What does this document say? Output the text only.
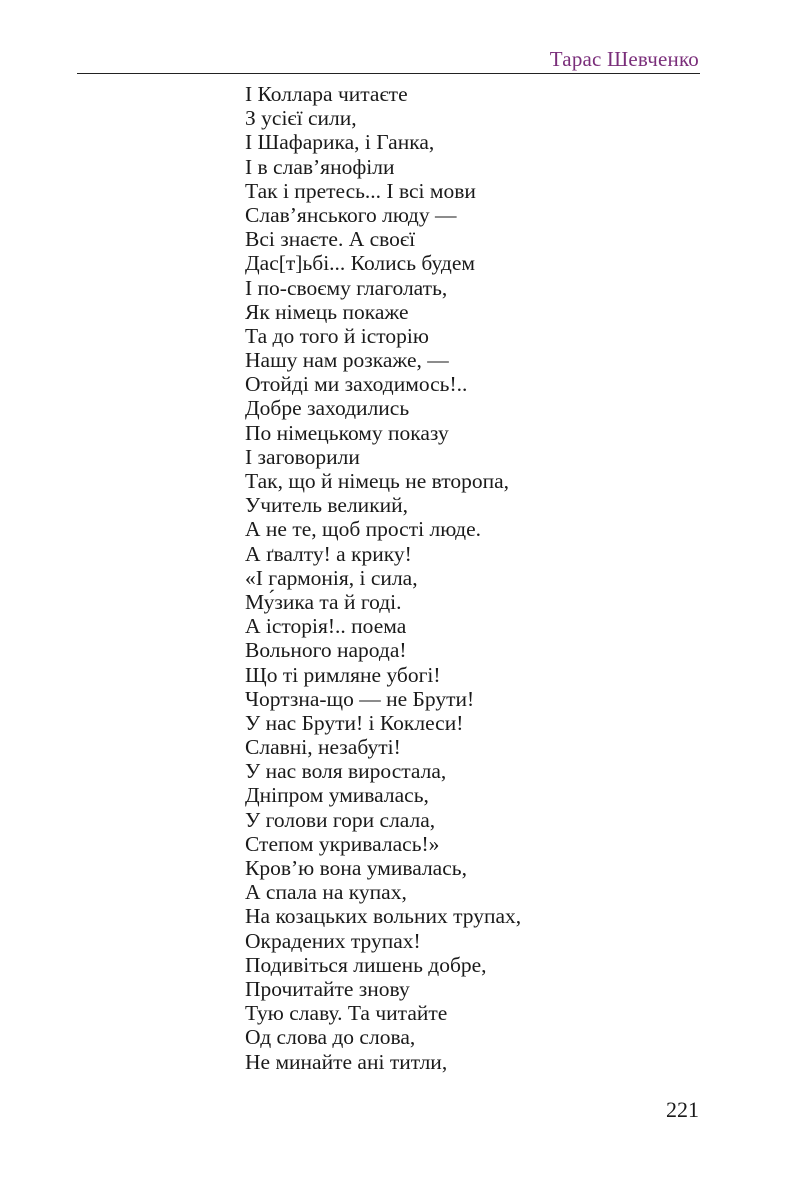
Тарас Шевченко
І Коллара читаєте
З усієї сили,
І Шафарика, і Ганка,
І в слав’янофіли
Так і претесь... І всі мови
Слав’янського люду —
Всі знаєте. А своєї
Дас[т]ьбі... Колись будем
І по-своєму глаголать,
Як німець покаже
Та до того й історію
Нашу нам розкаже, —
Отойді ми заходимось!..
Добре заходились
По німецькому показу
І заговорили
Так, що й німець не второпа,
Учитель великий,
А не те, щоб прості люде.
А ґвалту! а крику!
«І гармонія, і сила,
Му́зика та й годі.
А історія!.. поема
Вольного народа!
Що ті римляне убогі!
Чортзна-що — не Брути!
У нас Брути! і Коклеси!
Славні, незабуті!
У нас воля виростала,
Дніпром умивалась,
У голови гори слала,
Степом укривалась!»
Кров’ю вона умивалась,
А спала на купах,
На козацьких вольних трупах,
Окрадених трупах!
Подивіться лишень добре,
Прочитайте знову
Тую славу. Та читайте
Од слова до слова,
Не минайте ані титли,
221
